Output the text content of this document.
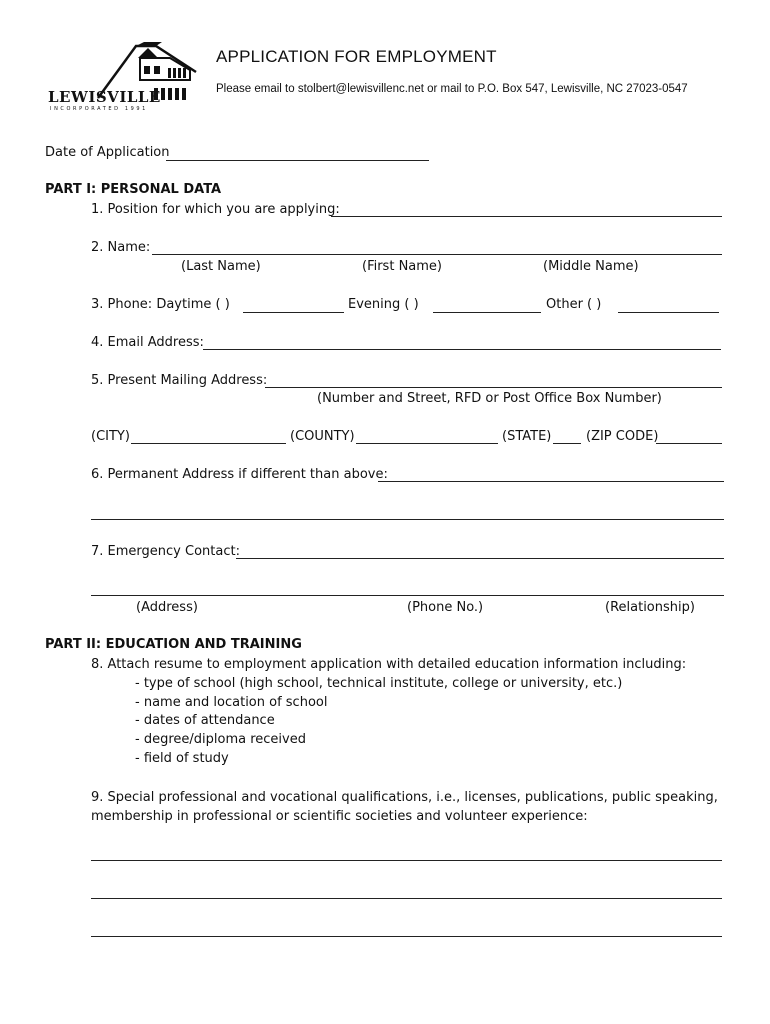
LEWISVILLE
INCORPORATED 1991
APPLICATION FOR EMPLOYMENT
Please email to stolbert@lewisvillenc.net or mail to P.O. Box 547, Lewisville, NC 27023-0547
Date of Application
PART I: PERSONAL DATA
1. Position for which you are applying:
2. Name:
(Last Name)	(First Name)	(Middle Name)
3. Phone: Daytime ( )	Evening ( )	Other ( )
4. Email Address:
5. Present Mailing Address:
(Number and Street, RFD or Post Office Box Number)
(CITY)	(COUNTY)	(STATE)	(ZIP CODE)
6. Permanent Address if different than above:
7. Emergency Contact:
(Address)	(Phone No.)	(Relationship)
PART II: EDUCATION AND TRAINING
8. Attach resume to employment application with detailed education information including:
- type of school (high school, technical institute, college or university, etc.)
- name and location of school
- dates of attendance
- degree/diploma received
- field of study
9. Special professional and vocational qualifications, i.e., licenses, publications, public speaking,
membership in professional or scientific societies and volunteer experience:
